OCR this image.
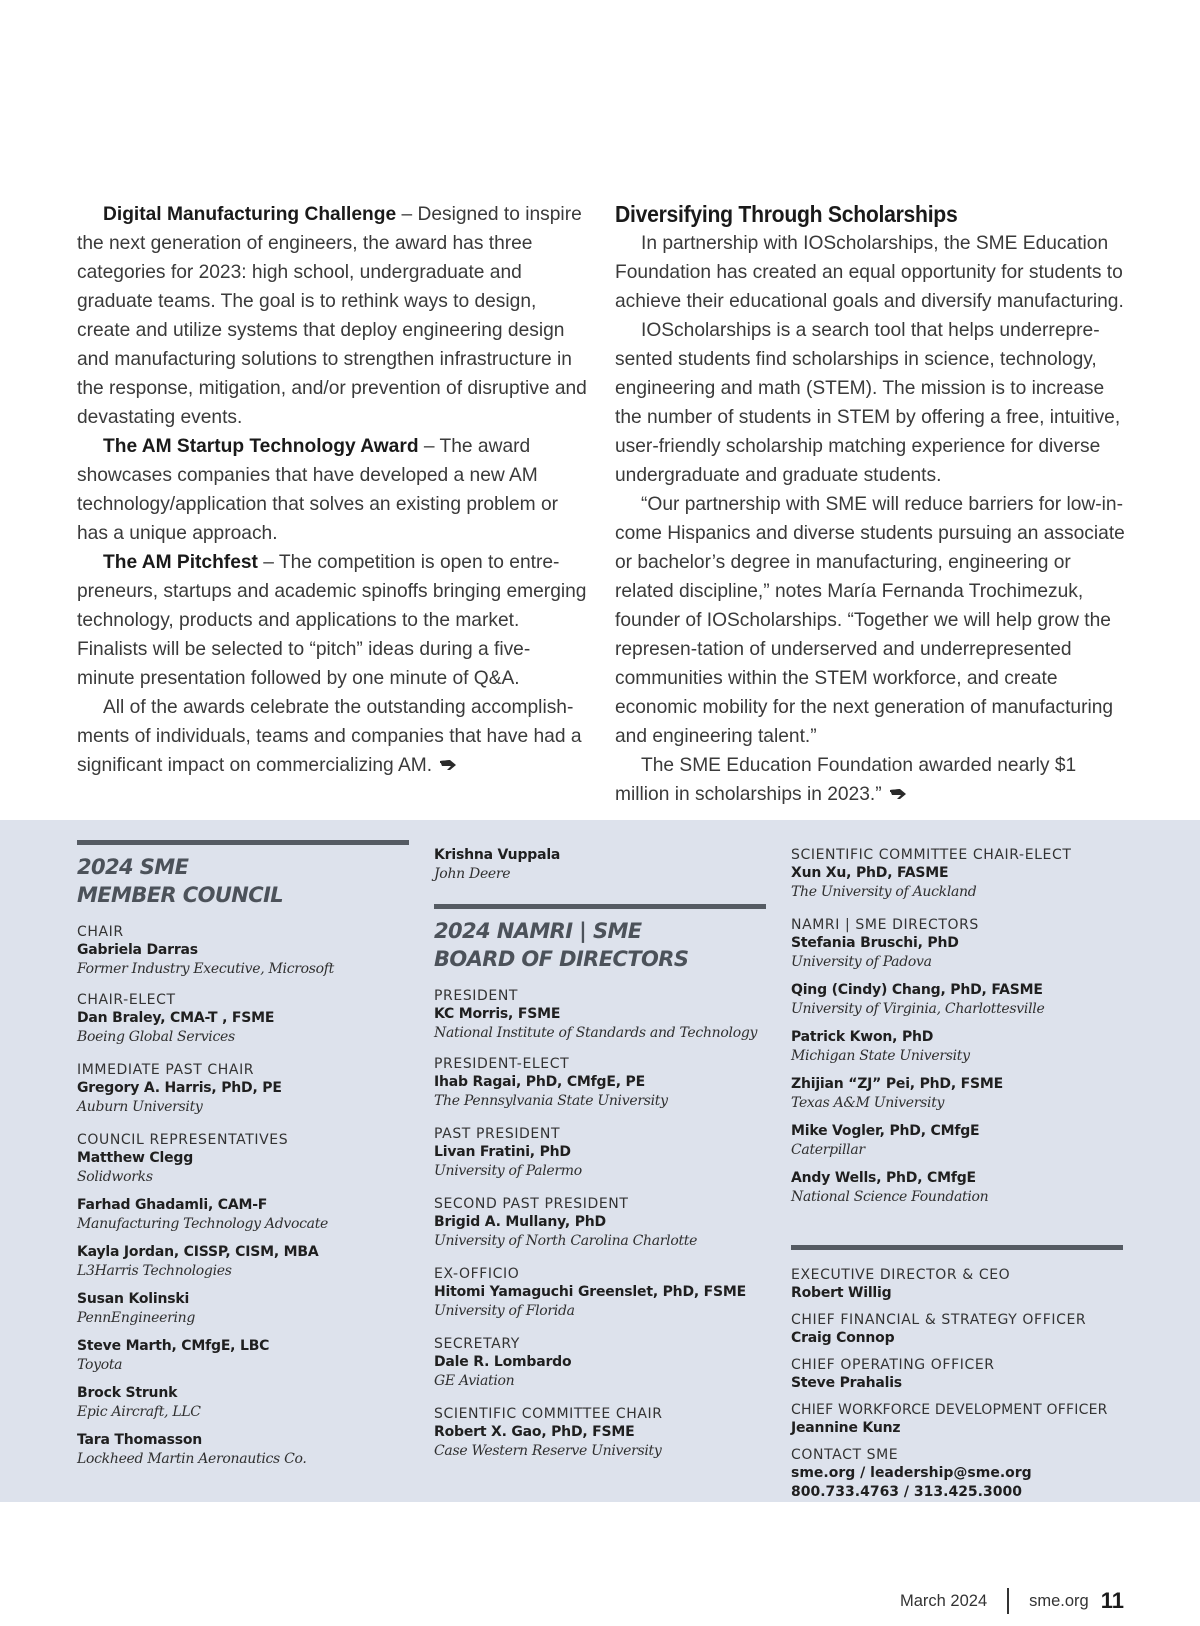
Digital Manufacturing Challenge – Designed to inspire the next generation of engineers, the award has three categories for 2023: high school, undergraduate and graduate teams. The goal is to rethink ways to design, create and utilize systems that deploy engineering design and manufacturing solutions to strengthen infrastructure in the response, mitigation, and/or prevention of disruptive and devastating events.

The AM Startup Technology Award – The award showcases companies that have developed a new AM technology/application that solves an existing problem or has a unique approach.

The AM Pitchfest – The competition is open to entre-preneurs, startups and academic spinoffs bringing emerging technology, products and applications to the market. Finalists will be selected to “pitch” ideas during a five-minute presentation followed by one minute of Q&A.

All of the awards celebrate the outstanding accomplish-ments of individuals, teams and companies that have had a significant impact on commercializing AM.

Diversifying Through Scholarships

In partnership with IOScholarships, the SME Education Foundation has created an equal opportunity for students to achieve their educational goals and diversify manufacturing.

IOScholarships is a search tool that helps underrepre-sented students find scholarships in science, technology, engineering and math (STEM). The mission is to increase the number of students in STEM by offering a free, intuitive, user-friendly scholarship matching experience for diverse undergraduate and graduate students.

“Our partnership with SME will reduce barriers for low-in-come Hispanics and diverse students pursuing an associate or bachelor’s degree in manufacturing, engineering or related discipline,” notes María Fernanda Trochimezuk, founder of IOScholarships. “Together we will help grow the represen-tation of underserved and underrepresented communities within the STEM workforce, and create economic mobility for the next generation of manufacturing and engineering talent.”

The SME Education Foundation awarded nearly $1 million in scholarships in 2023.”

2024 SME
MEMBER COUNCIL
CHAIR
Gabriela Darras
Former Industry Executive, Microsoft
CHAIR-ELECT
Dan Braley, CMA-T , FSME
Boeing Global Services
IMMEDIATE PAST CHAIR
Gregory A. Harris, PhD, PE
Auburn University
COUNCIL REPRESENTATIVES
Matthew Clegg
Solidworks
Farhad Ghadamli, CAM-F
Manufacturing Technology Advocate
Kayla Jordan, CISSP, CISM, MBA
L3Harris Technologies
Susan Kolinski
PennEngineering
Steve Marth, CMfgE, LBC
Toyota
Brock Strunk
Epic Aircraft, LLC
Tara Thomasson
Lockheed Martin Aeronautics Co.
Krishna Vuppala
John Deere
2024 NAMRI | SME
BOARD OF DIRECTORS
PRESIDENT
KC Morris, FSME
National Institute of Standards and Technology
PRESIDENT-ELECT
Ihab Ragai, PhD, CMfgE, PE
The Pennsylvania State University
PAST PRESIDENT
Livan Fratini, PhD
University of Palermo
SECOND PAST PRESIDENT
Brigid A. Mullany, PhD
University of North Carolina Charlotte
EX-OFFICIO
Hitomi Yamaguchi Greenslet, PhD, FSME
University of Florida
SECRETARY
Dale R. Lombardo
GE Aviation
SCIENTIFIC COMMITTEE CHAIR
Robert X. Gao, PhD, FSME
Case Western Reserve University
SCIENTIFIC COMMITTEE CHAIR-ELECT
Xun Xu, PhD, FASME
The University of Auckland
NAMRI | SME DIRECTORS
Stefania Bruschi, PhD
University of Padova
Qing (Cindy) Chang, PhD, FASME
University of Virginia, Charlottesville
Patrick Kwon, PhD
Michigan State University
Zhijian “ZJ” Pei, PhD, FSME
Texas A&M University
Mike Vogler, PhD, CMfgE
Caterpillar
Andy Wells, PhD, CMfgE
National Science Foundation
EXECUTIVE DIRECTOR & CEO
Robert Willig
CHIEF FINANCIAL & STRATEGY OFFICER
Craig Connop
CHIEF OPERATING OFFICER
Steve Prahalis
CHIEF WORKFORCE DEVELOPMENT OFFICER
Jeannine Kunz
CONTACT SME
sme.org / leadership@sme.org
800.733.4763 / 313.425.3000
March 2024	sme.org 11
